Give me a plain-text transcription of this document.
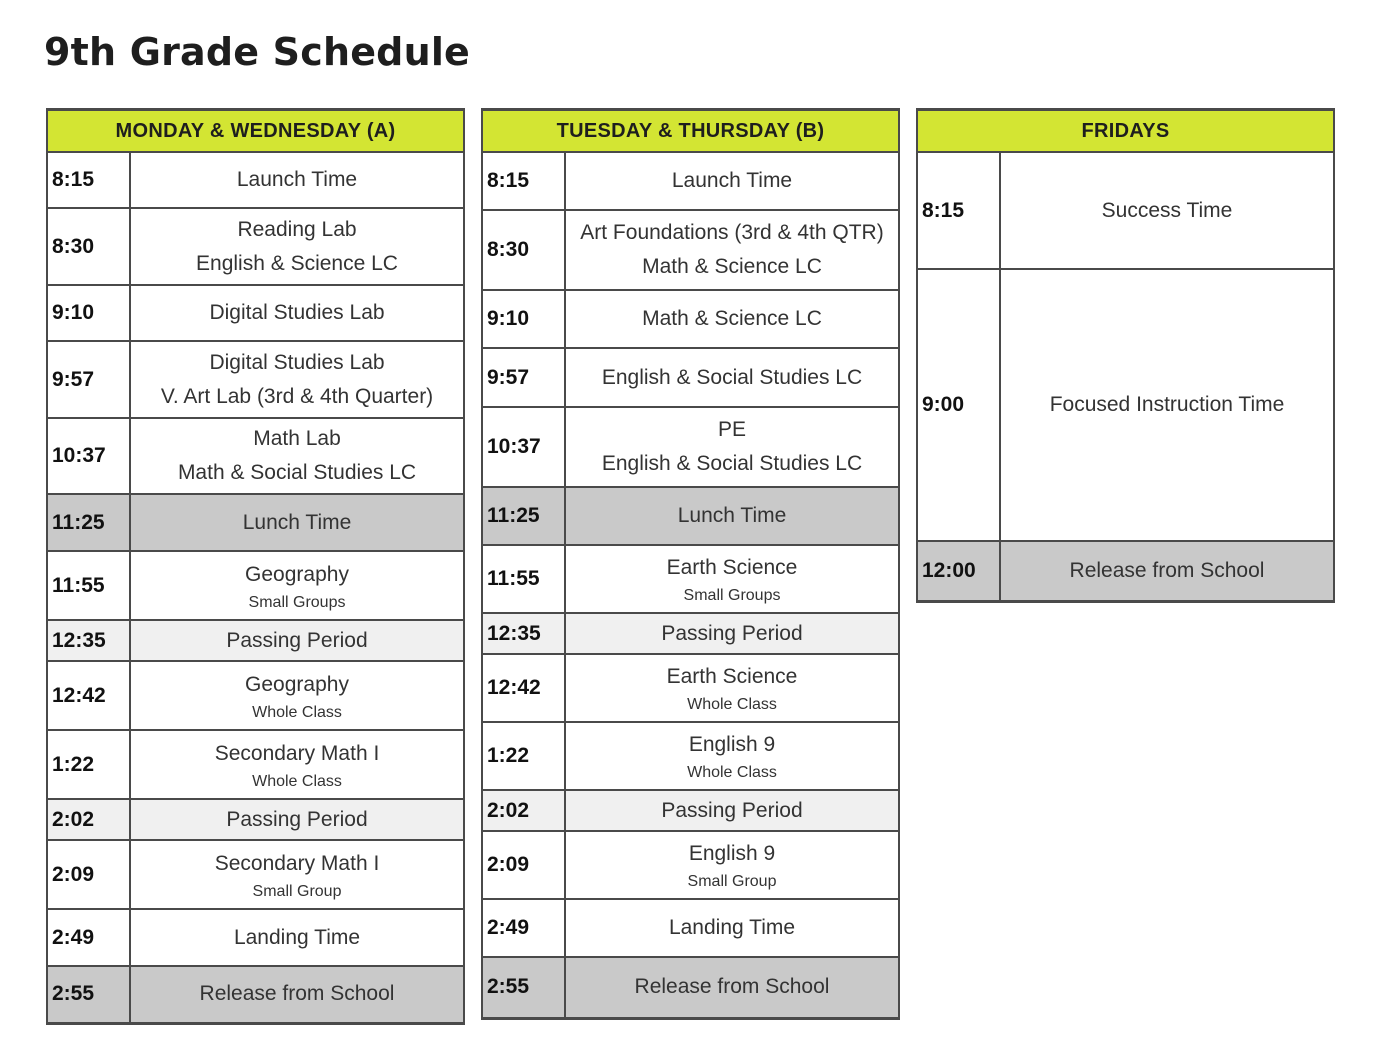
9th Grade Schedule
MONDAY & WEDNESDAY (A)	
8:15	Launch Time

8:30	Reading Lab
English & Science LC

9:10	Digital Studies Lab

9:57	Digital Studies Lab
V. Art Lab (3rd & 4th Quarter)

10:37	Math Lab
Math & Social Studies LC

11:25	Lunch Time

11:55	Geography
Small Groups

12:35	Passing Period

12:42	Geography
Whole Class

1:22	Secondary Math I
Whole Class

2:02	Passing Period

2:09	Secondary Math I
Small Group

2:49	Landing Time

2:55	Release from School
TUESDAY & THURSDAY (B)	
8:15	Launch Time

8:30	Art Foundations (3rd & 4th QTR)
Math & Science LC

9:10	Math & Science LC

9:57	English & Social Studies LC

10:37	PE
English & Social Studies LC

11:25	Lunch Time

11:55	Earth Science
Small Groups

12:35	Passing Period

12:42	Earth Science
Whole Class

1:22	English 9
Whole Class

2:02	Passing Period

2:09	English 9
Small Group

2:49	Landing Time

2:55	Release from School
FRIDAYS	
8:15	Success Time

9:00	Focused Instruction Time

12:00	Release from School
